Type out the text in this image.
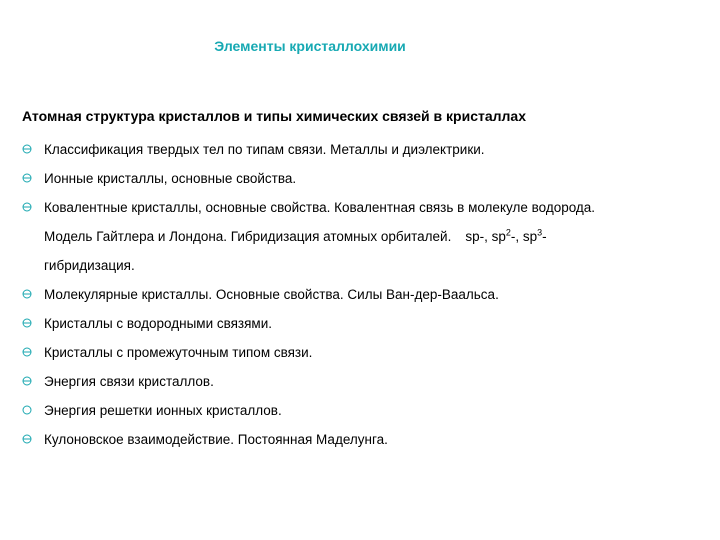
Элементы кристаллохимии
Атомная структура кристаллов и типы химических связей в кристаллах
Классификация твердых тел по типам связи. Металлы и диэлектрики.
Ионные кристаллы, основные свойства.
Ковалентные кристаллы, основные свойства. Ковалентная связь в молекуле водорода.
Модель Гайтлера и Лондона. Гибридизация атомных орбиталей. sp-, $sp^2-$, $sp^3-$
гибридизация.
Молекулярные кристаллы. Основные свойства. Силы Ван-дер-Ваальса.
Кристаллы с водородными связями.
Кристаллы с промежуточным типом связи.
Энергия связи кристаллов.
Энергия решетки ионных кристаллов.
Кулоновское взаимодействие. Постоянная Маделунга.
